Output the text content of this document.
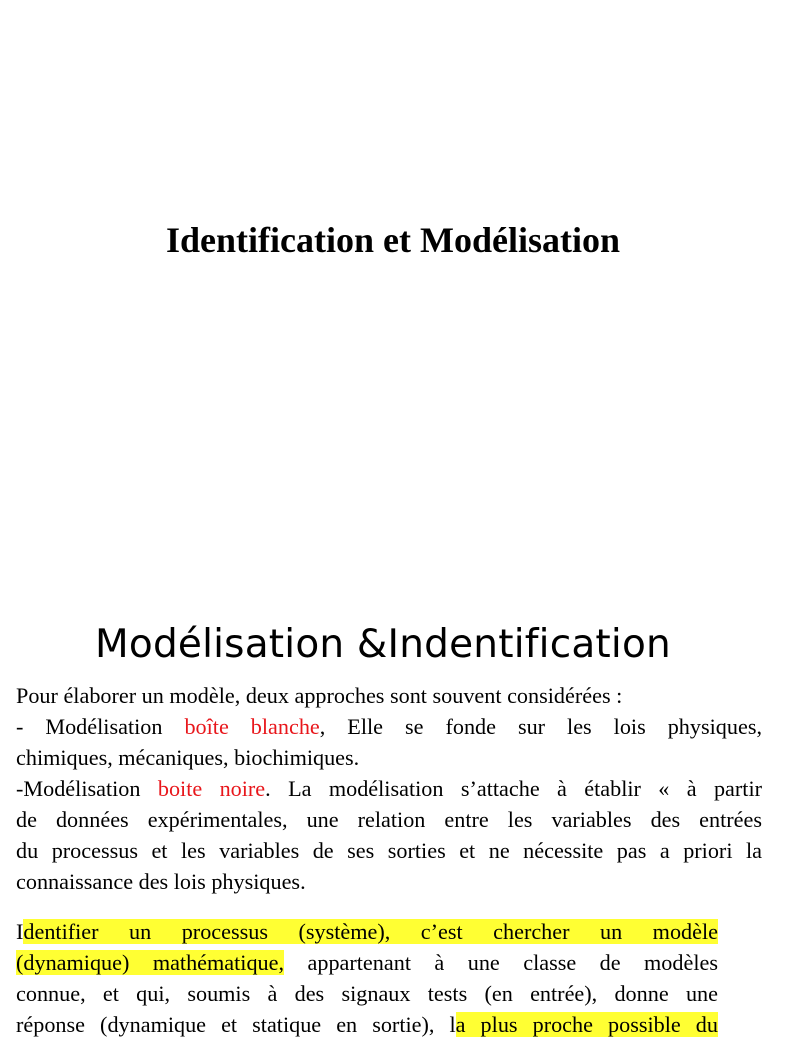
Identification et Modélisation
Modélisation &Indentification
Pour élaborer un modèle, deux approches sont souvent considérées :
- Modélisation boîte blanche, Elle se fonde sur les lois physiques,
chimiques, mécaniques, biochimiques.
-Modélisation boite noire. La modélisation s’attache à établir « à partir
de données expérimentales, une relation entre les variables des entrées
du processus et les variables de ses sorties et ne nécessite pas a priori la
connaissance des lois physiques.
Identifier un processus (système), c’est chercher un modèle
(dynamique) mathématique, appartenant à une classe de modèles
connue, et qui, soumis à des signaux tests (en entrée), donne une
réponse (dynamique et statique en sortie), la plus proche possible du
